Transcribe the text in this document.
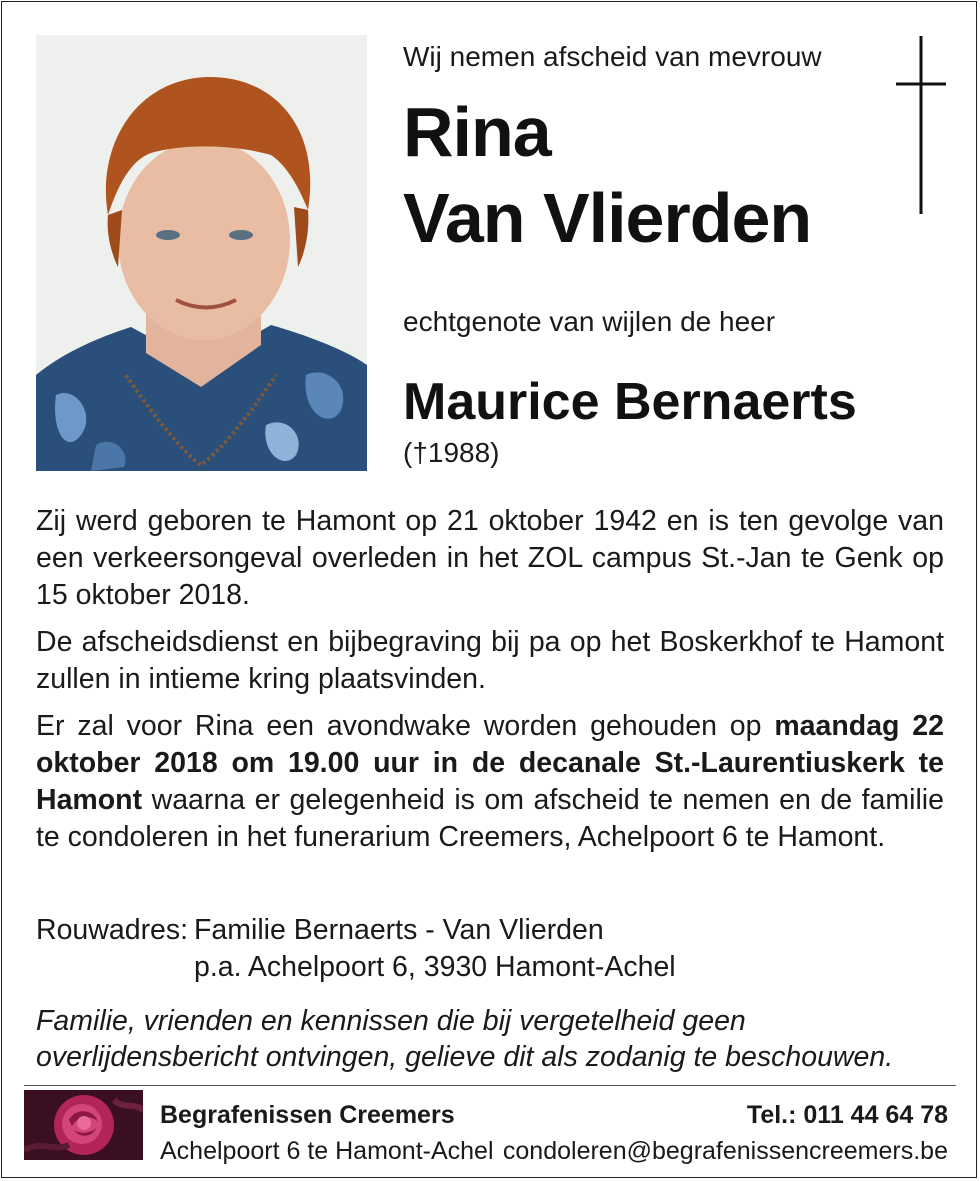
Wij nemen afscheid van mevrouw
Rina
Van Vlierden
echtgenote van wijlen de heer
Maurice Bernaerts
(†1988)

Zij werd geboren te Hamont op 21 oktober 1942 en is ten gevolge van een verkeersongeval overleden in het ZOL campus St.-Jan te Genk op 15 oktober 2018.

De afscheidsdienst en bijbegraving bij pa op het Boskerkhof te Hamont zullen in intieme kring plaatsvinden.

Er zal voor Rina een avondwake worden gehouden op maandag 22 oktober 2018 om 19.00 uur in de decanale St.-Laurentiuskerk te Hamont waarna er gelegenheid is om afscheid te nemen en de familie te condoleren in het funerarium Creemers, Achelpoort 6 te Hamont.

Rouwadres: Familie Bernaerts - Van Vlierden
p.a. Achelpoort 6, 3930 Hamont-Achel
Familie, vrienden en kennissen die bij vergetelheid geen overlijdensbericht ontvingen, gelieve dit als zodanig te beschouwen.
Begrafenissen Creemers
Achelpoort 6 te Hamont-Achel
Tel.: 011 44 64 78
condoleren@begrafenissencreemers.be
